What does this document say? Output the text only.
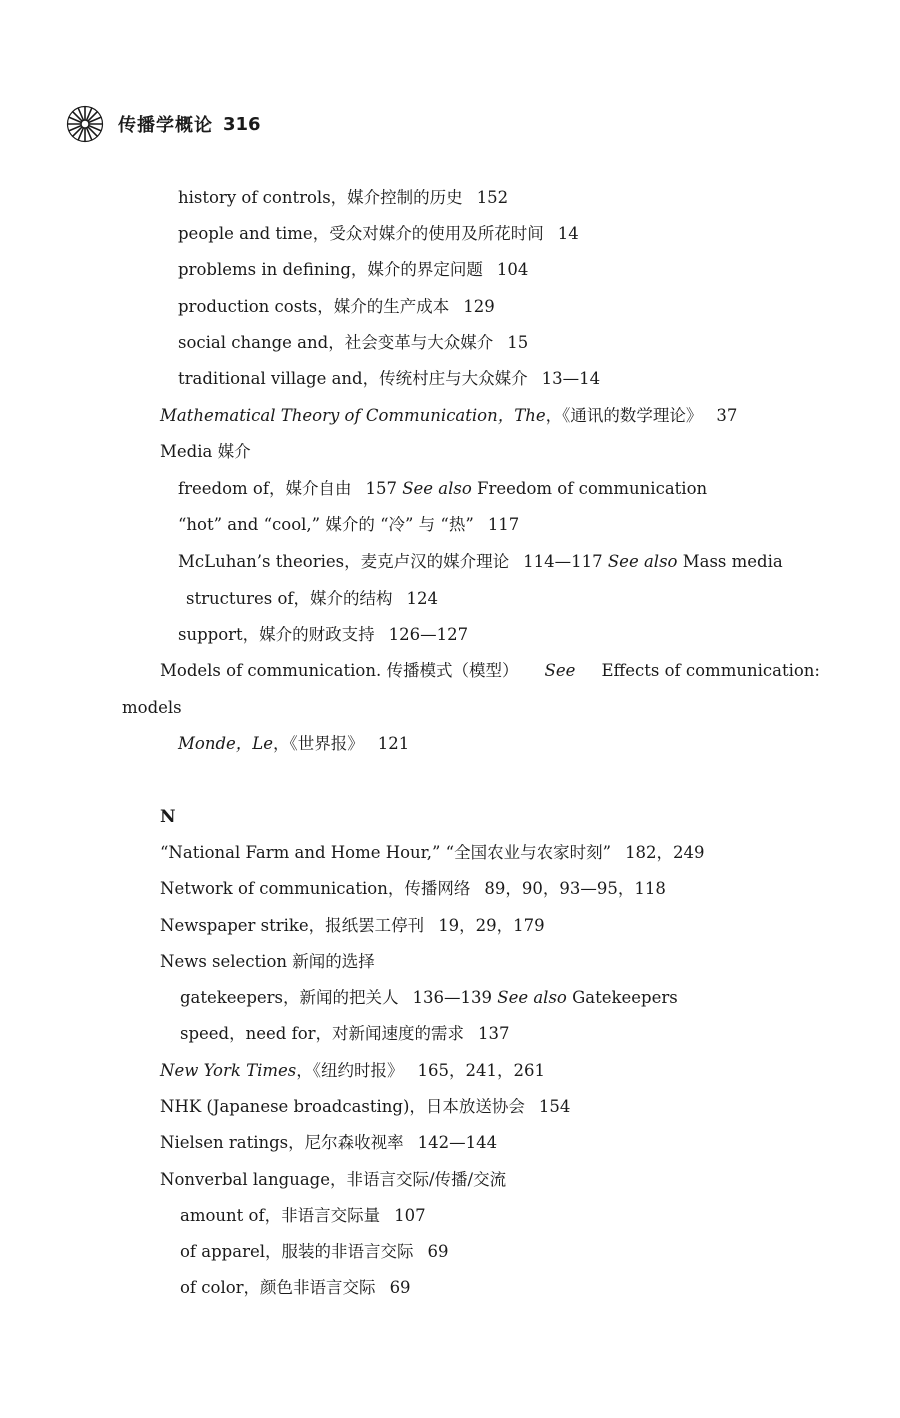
传播学概论 316
history of controls，媒介控制的历史 152
people and time，受众对媒介的使用及所花时间 14
problems in defining，媒介的界定问题 104
production costs，媒介的生产成本 129
social change and，社会变革与大众媒介 15
traditional village and，传统村庄与大众媒介 13—14
Mathematical Theory of Communication，The，《通讯的数学理论》 37
Media 媒介
freedom of，媒介自由 157 See also Freedom of communication
“hot” and “cool,” 媒介的 “冷” 与 “热” 117
McLuhan’s theories，麦克卢汉的媒介理论 114—117 See also Mass media
structures of，媒介的结构 124
support，媒介的财政支持 126—127
Models of communication. 传播模式（模型） See Effects of communication:
models
Monde，Le，《世界报》 121
N
“National Farm and Home Hour,” “全国农业与农家时刻” 182，249
Network of communication，传播网络 89，90，93—95，118
Newspaper strike，报纸罢工停刊 19，29，179
News selection 新闻的选择
gatekeepers，新闻的把关人 136—139 See also Gatekeepers
speed，need for，对新闻速度的需求 137
New York Times，《纽约时报》 165，241，261
NHK (Japanese broadcasting)，日本放送协会 154
Nielsen ratings，尼尔森收视率 142—144
Nonverbal language，非语言交际/传播/交流
amount of，非语言交际量 107
of apparel，服装的非语言交际 69
of color，颜色非语言交际 69
